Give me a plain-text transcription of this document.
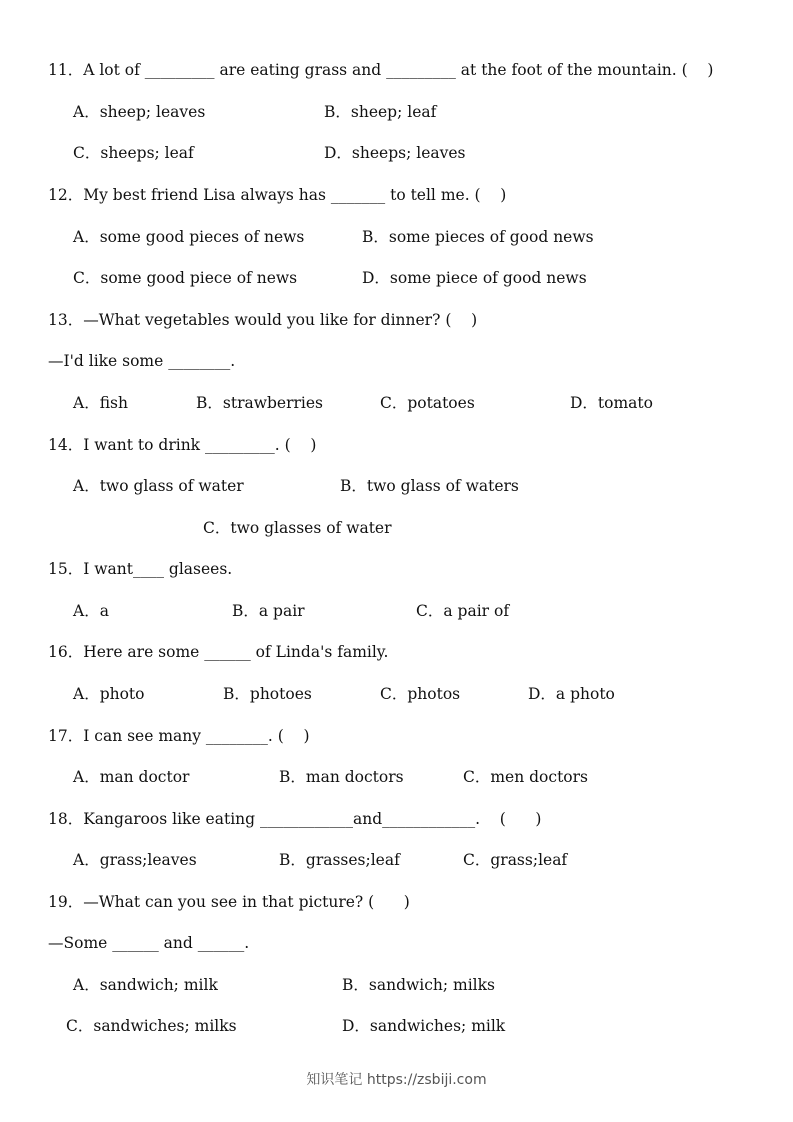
11．A lot of _________ are eating grass and _________ at the foot of the mountain. (    )
A．sheep; leaves	B．sheep; leaf
C．sheeps; leaf	D．sheeps; leaves
12．My best friend Lisa always has _______ to tell me. (    )
A．some good pieces of news	B．some pieces of good news
C．some good piece of news	D．some piece of good news
13．—What vegetables would you like for dinner? (    )
—I'd like some ________.
A．fish	B．strawberries	C．potatoes	D．tomato
14．I want to drink _________. (    )
A．two glass of water	B．two glass of waters
C．two glasses of water
15．I want____ glasees.
A．a	B．a pair	C．a pair of
16．Here are some ______ of Linda's family.
A．photo	B．photoes	C．photos	D．a photo
17．I can see many ________. (    )
A．man doctor	B．man doctors	C．men doctors
18．Kangaroos like eating ____________and____________.    (      )
A．grass;leaves	B．grasses;leaf	C．grass;leaf
19．—What can you see in that picture? (      )
—Some ______ and ______.
A．sandwich; milk	B．sandwich; milks
C．sandwiches; milks	D．sandwiches; milk
知识笔记 https://zsbiji.com
